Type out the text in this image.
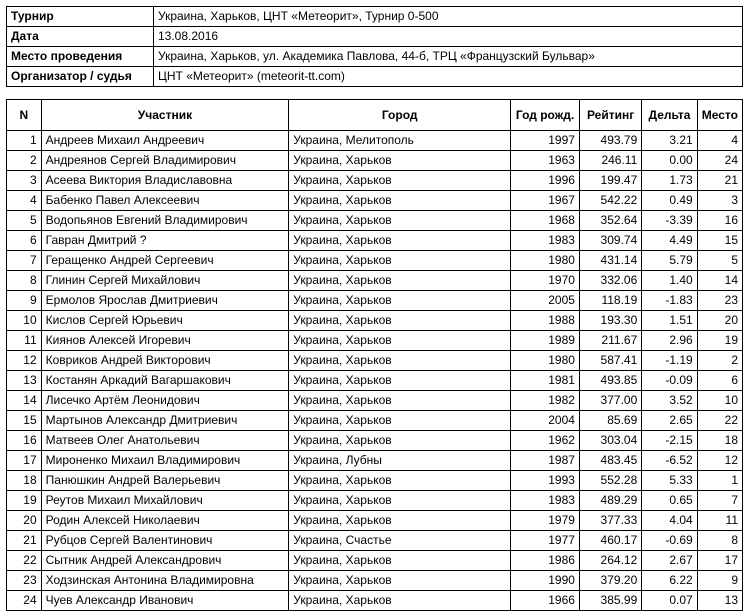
Турнир	Украина, Харьков, ЦНТ «Метеорит», Турнир 0-500
Дата	13.08.2016
Место проведения	Украина, Харьков, ул. Академика Павлова, 44-б, ТРЦ «Французский Бульвар»
Организатор / судья	ЦНТ «Метеорит» (meteorit-tt.com)
N	Участник	Город	Год рожд.	Рейтинг	Дельта	Место
1	Андреев Михаил Андреевич	Украина, Мелитополь	1997	493.79	3.21	4
2	Андреянов Сергей Владимирович	Украина, Харьков	1963	246.11	0.00	24
3	Асеева Виктория Владиславовна	Украина, Харьков	1996	199.47	1.73	21
4	Бабенко Павел Алексеевич	Украина, Харьков	1967	542.22	0.49	3
5	Водопьянов Евгений Владимирович	Украина, Харьков	1968	352.64	-3.39	16
6	Гавран Дмитрий ?	Украина, Харьков	1983	309.74	4.49	15
7	Геращенко Андрей Сергеевич	Украина, Харьков	1980	431.14	5.79	5
8	Глинин Сергей Михайлович	Украина, Харьков	1970	332.06	1.40	14
9	Ермолов Ярослав Дмитриевич	Украина, Харьков	2005	118.19	-1.83	23
10	Кислов Сергей Юрьевич	Украина, Харьков	1988	193.30	1.51	20
11	Киянов Алексей Игоревич	Украина, Харьков	1989	211.67	2.96	19
12	Ковриков Андрей Викторович	Украина, Харьков	1980	587.41	-1.19	2
13	Костанян Аркадий Вагаршакович	Украина, Харьков	1981	493.85	-0.09	6
14	Лисечко Артём Леонидович	Украина, Харьков	1982	377.00	3.52	10
15	Мартынов Александр Дмитриевич	Украина, Харьков	2004	85.69	2.65	22
16	Матвеев Олег Анатольевич	Украина, Харьков	1962	303.04	-2.15	18
17	Мироненко Михаил Владимирович	Украина, Лубны	1987	483.45	-6.52	12
18	Панюшкин Андрей Валерьевич	Украина, Харьков	1993	552.28	5.33	1
19	Реутов Михаил Михайлович	Украина, Харьков	1983	489.29	0.65	7
20	Родин Алексей Николаевич	Украина, Харьков	1979	377.33	4.04	11
21	Рубцов Сергей Валентинович	Украина, Счастье	1977	460.17	-0.69	8
22	Сытник Андрей Александрович	Украина, Харьков	1986	264.12	2.67	17
23	Ходзинская Антонина Владимировна	Украина, Харьков	1990	379.20	6.22	9
24	Чуев Александр Иванович	Украина, Харьков	1966	385.99	0.07	13
